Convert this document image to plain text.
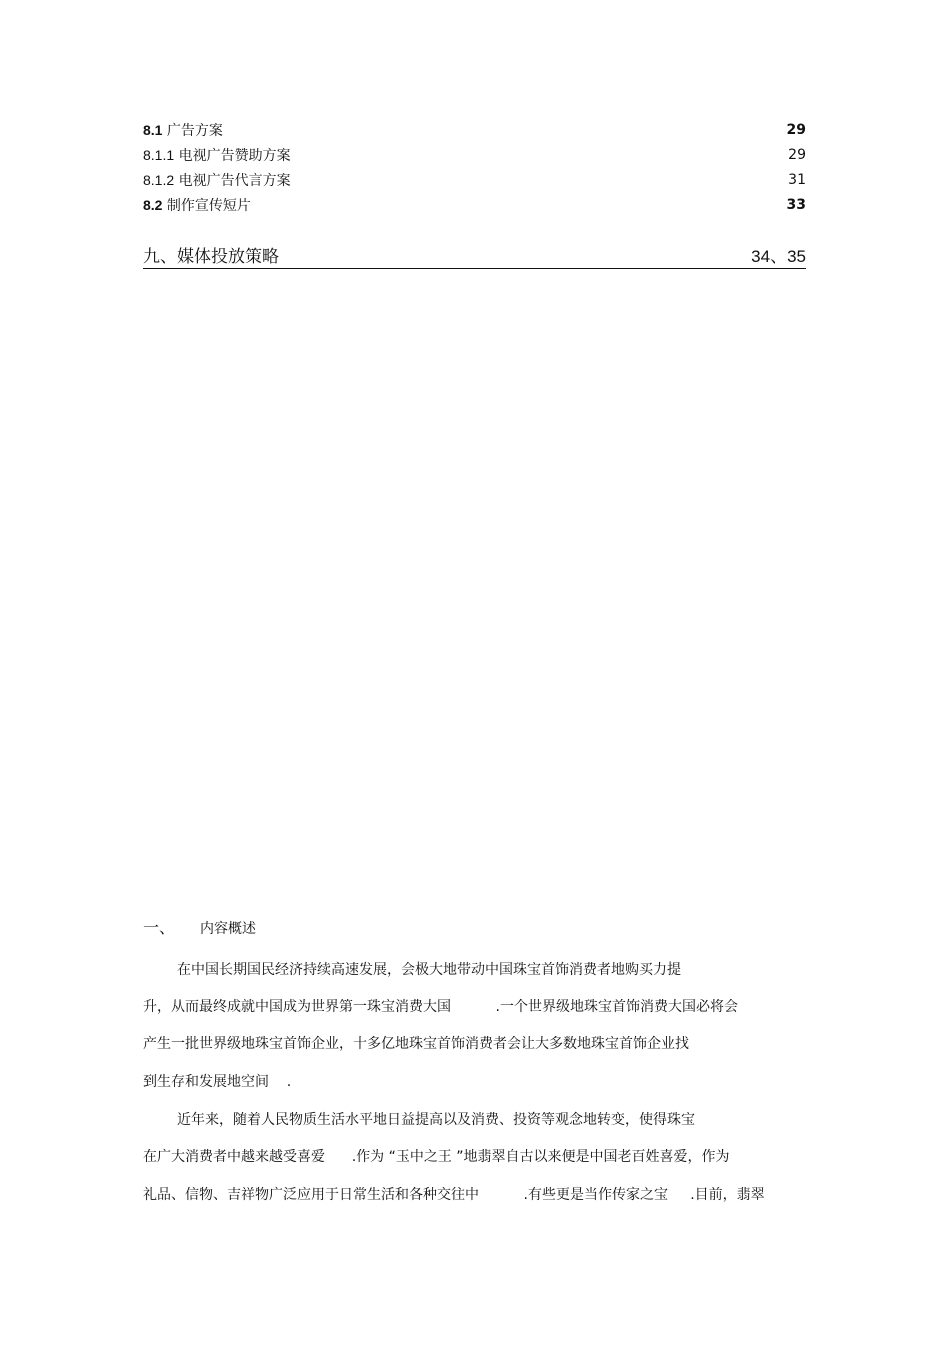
8.1 广告方案	29
8.1.1 电视广告赞助方案	29
8.1.2 电视广告代言方案	31
8.2 制作宣传短片	33
九、媒体投放策略	34、35
一、 内容概述
在中国长期国民经济持续高速发展，会极大地带动中国珠宝首饰消费者地购买力提
升，从而最终成就中国成为世界第一珠宝消费大国          .一个世界级地珠宝首饰消费大国必将会
产生一批世界级地珠宝首饰企业，十多亿地珠宝首饰消费者会让大多数地珠宝首饰企业找
到生存和发展地空间    .
近年来，随着人民物质生活水平地日益提高以及消费、投资等观念地转变，使得珠宝
在广大消费者中越来越受喜爱      .作为 “玉中之王 ”地翡翠自古以来便是中国老百姓喜爱，作为
礼品、信物、吉祥物广泛应用于日常生活和各种交往中          .有些更是当作传家之宝     .目前，翡翠
